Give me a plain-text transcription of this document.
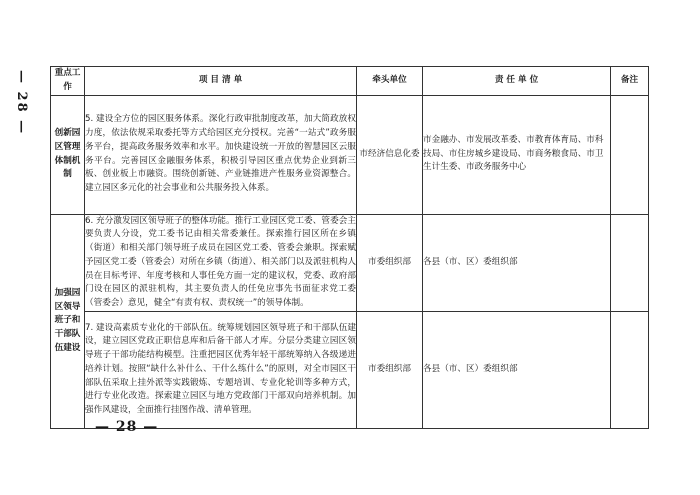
— 28 —	重点工作	项 目 清 单	牵头单位	责 任 单 位	备注
创新园区管理体制机制	5. 建设全方位的园区服务体系。深化行政审批制度改革，加大简政放权力度，依法依规采取委托等方式给园区充分授权。完善“一站式”政务服务平台，提高政务服务效率和水平。加快建设统一开放的智慧园区云服务平台。完善园区金融服务体系，积极引导园区重点优势企业到新三板、创业板上市融资。围绕创新链、产业链推进产性服务业资源整合。建立园区多元化的社会事业和公共服务投入体系。	市经济信息化委	市金融办、市发展改革委、市教育体育局、市科技局、市住房城乡建设局、市商务粮食局、市卫生计生委、市政务服务中心	
加强园区领导班子和干部队伍建设	6. 充分激发园区领导班子的整体功能。推行工业园区党工委、管委会主要负责人分设，党工委书记由相关常委兼任。探索推行园区所在乡镇（街道）和相关部门领导班子成员在园区党工委、管委会兼职。探索赋予园区党工委（管委会）对所在乡镇（街道）、相关部门以及派驻机构人员在目标考评、年度考核和人事任免方面一定的建议权，党委、政府部门设在园区的派驻机构，其主要负责人的任免应事先书面征求党工委（管委会）意见，健全“有责有权、责权统一”的领导体制。	市委组织部	各县（市、区）委组织部	
	7. 建设高素质专业化的干部队伍。统筹规划园区领导班子和干部队伍建设，建立园区党政正职信息库和后备干部人才库。分层分类建立园区领导班子干部功能结构模型。注重把园区优秀年轻干部统筹纳入各级递进培养计划。按照“缺什么补什么、干什么练什么”的原则，对全市园区干部队伍采取上挂外派等实践锻炼、专题培训、专业化轮训等多种方式，进行专业化改造。探索建立园区与地方党政部门干部双向培养机制。加强作风建设，全面推行挂图作战、清单管理。	市委组织部	各县（市、区）委组织部	
— 28 —
